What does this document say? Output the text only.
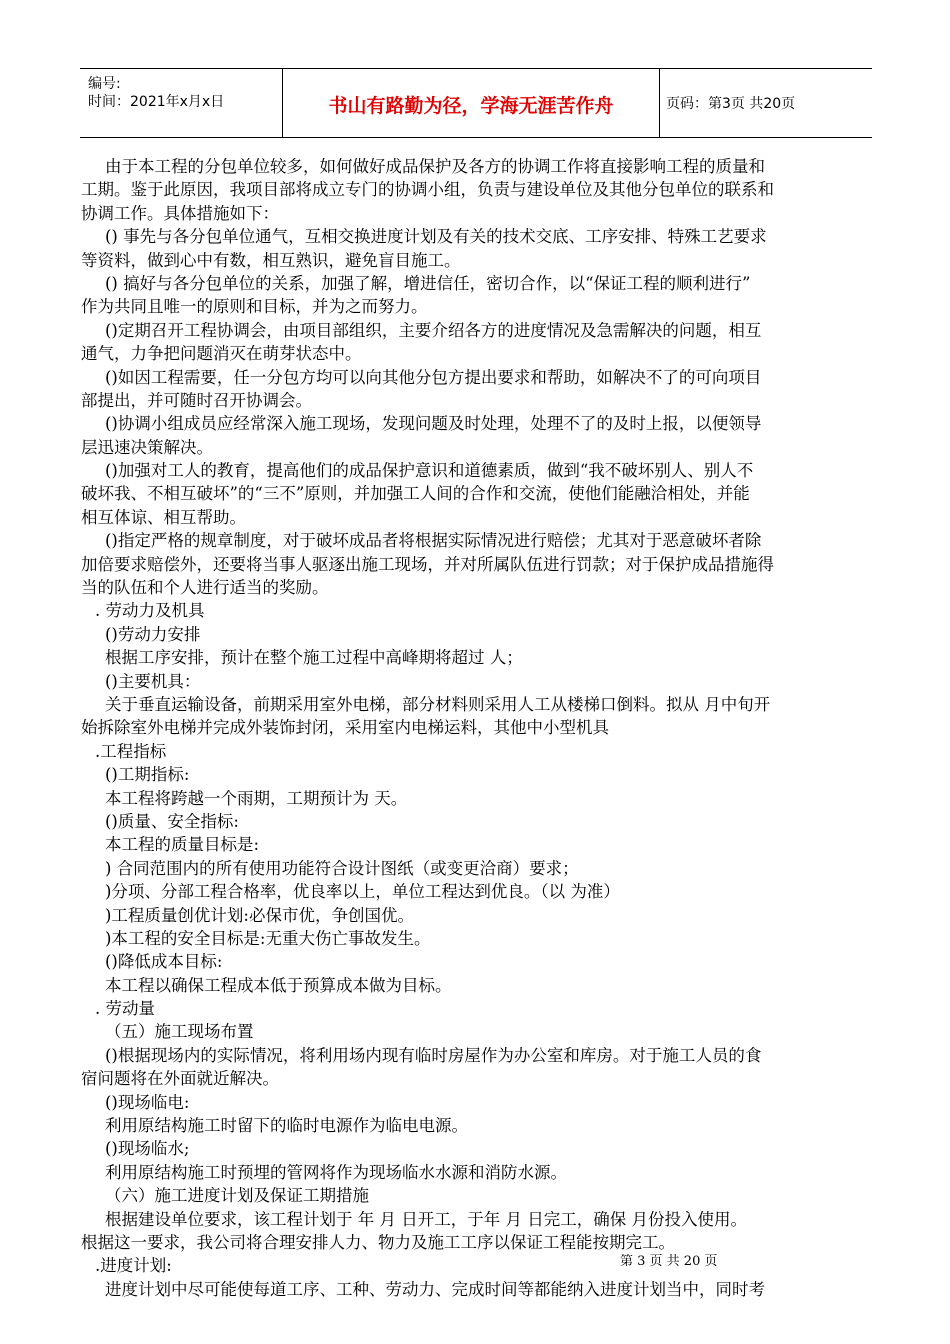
编号:
时间：2021年x月x日	书山有路勤为径，学海无涯苦作舟	页码：第3页 共20页
由于本工程的分包单位较多，如何做好成品保护及各方的协调工作将直接影响工程的质量和
工期。鉴于此原因，我项目部将成立专门的协调小组，负责与建设单位及其他分包单位的联系和
协调工作。具体措施如下：
() 事先与各分包单位通气，互相交换进度计划及有关的技术交底、工序安排、特殊工艺要求
等资料，做到心中有数，相互熟识，避免盲目施工。
() 搞好与各分包单位的关系，加强了解，增进信任，密切合作，以“保证工程的顺利进行”
作为共同且唯一的原则和目标，并为之而努力。
()定期召开工程协调会，由项目部组织，主要介绍各方的进度情况及急需解决的问题，相互
通气，力争把问题消灭在萌芽状态中。
()如因工程需要，任一分包方均可以向其他分包方提出要求和帮助，如解决不了的可向项目
部提出，并可随时召开协调会。
()协调小组成员应经常深入施工现场，发现问题及时处理，处理不了的及时上报，以便领导
层迅速决策解决。
()加强对工人的教育，提高他们的成品保护意识和道德素质，做到“我不破坏别人、别人不
破坏我、不相互破坏”的“三不”原则，并加强工人间的合作和交流，使他们能融洽相处，并能
相互体谅、相互帮助。
()指定严格的规章制度，对于破坏成品者将根据实际情况进行赔偿；尤其对于恶意破坏者除
加倍要求赔偿外，还要将当事人驱逐出施工现场，并对所属队伍进行罚款；对于保护成品措施得
当的队伍和个人进行适当的奖励。
. 劳动力及机具
()劳动力安排
根据工序安排，预计在整个施工过程中高峰期将超过 人；
()主要机具：
关于垂直运输设备，前期采用室外电梯，部分材料则采用人工从楼梯口倒料。拟从 月中旬开
始拆除室外电梯并完成外装饰封闭，采用室内电梯运料，其他中小型机具
.工程指标
()工期指标:
本工程将跨越一个雨期，工期预计为 天。
()质量、安全指标:
本工程的质量目标是:
) 合同范围内的所有使用功能符合设计图纸（或变更洽商）要求；
)分项、分部工程合格率，优良率以上，单位工程达到优良。（以 为准）
)工程质量创优计划:必保市优，争创国优。
)本工程的安全目标是:无重大伤亡事故发生。
()降低成本目标:
本工程以确保工程成本低于预算成本做为目标。
. 劳动量
（五）施工现场布置
()根据现场内的实际情况，将利用场内现有临时房屋作为办公室和库房。对于施工人员的食
宿问题将在外面就近解决。
()现场临电:
利用原结构施工时留下的临时电源作为临电电源。
()现场临水;
利用原结构施工时预埋的管网将作为现场临水水源和消防水源。
（六）施工进度计划及保证工期措施
根据建设单位要求，该工程计划于 年 月 日开工，于年 月 日完工，确保 月份投入使用。
根据这一要求，我公司将合理安排人力、物力及施工工序以保证工程能按期完工。
.进度计划:
进度计划中尽可能使每道工序、工种、劳动力、完成时间等都能纳入进度计划当中，同时考
第 3 页 共 20 页
